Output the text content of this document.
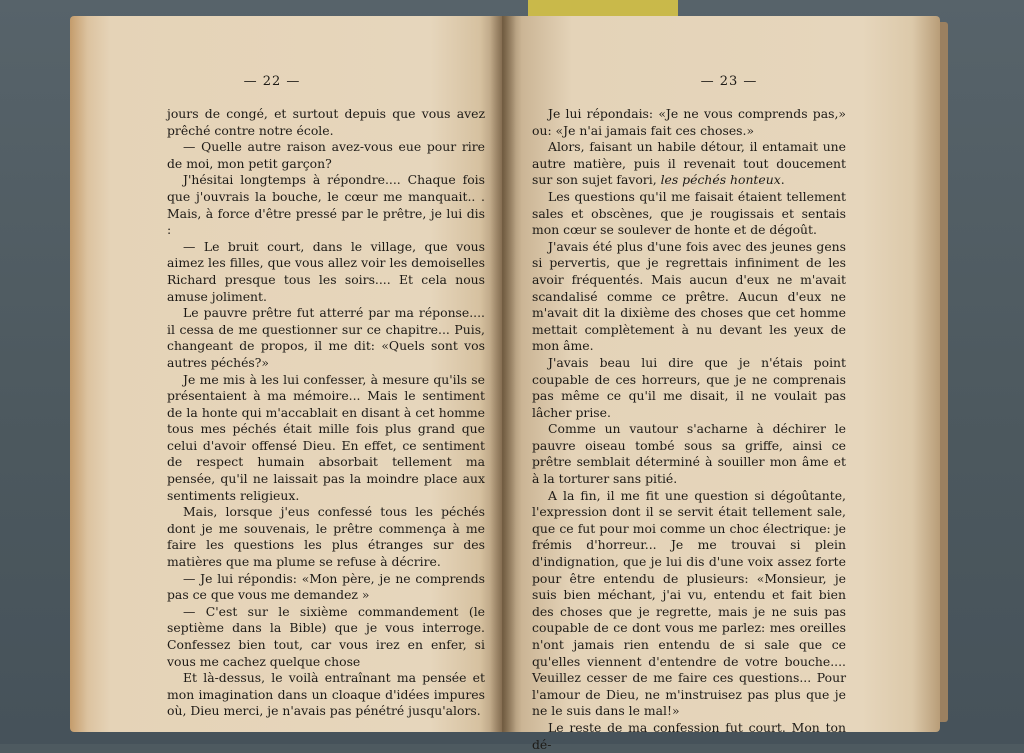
— 22 —

jours de congé, et surtout depuis que vous avez prêché contre notre école.

— Quelle autre raison avez-vous eue pour rire de moi, mon petit garçon?

J'hésitai longtemps à répondre.... Chaque fois que j'ouvrais la bouche, le cœur me manquait.. . Mais, à force d'être pressé par le prêtre, je lui dis :

— Le bruit court, dans le village, que vous aimez les filles, que vous allez voir les demoiselles Richard presque tous les soirs.... Et cela nous amuse joliment.

Le pauvre prêtre fut atterré par ma réponse.... il cessa de me questionner sur ce chapitre... Puis, changeant de propos, il me dit: «Quels sont vos autres péchés?»

Je me mis à les lui confesser, à mesure qu'ils se présentaient à ma mémoire... Mais le sentiment de la honte qui m'accablait en disant à cet homme tous mes péchés était mille fois plus grand que celui d'avoir offensé Dieu. En effet, ce sentiment de respect humain absorbait tellement ma pensée, qu'il ne laissait pas la moindre place aux sentiments religieux.

Mais, lorsque j'eus confessé tous les péchés dont je me souvenais, le prêtre commença à me faire les questions les plus étranges sur des matières que ma plume se refuse à décrire.

— Je lui répondis: «Mon père, je ne comprends pas ce que vous me demandez »

— C'est sur le sixième commandement (le septième dans la Bible) que je vous interroge. Confessez bien tout, car vous irez en enfer, si vous me cachez quelque chose

Et là-dessus, le voilà entraînant ma pensée et mon imagination dans un cloaque d'idées impures où, Dieu merci, je n'avais pas pénétré jusqu'alors.

— 23 —

Je lui répondais: «Je ne vous comprends pas,» ou: «Je n'ai jamais fait ces choses.»

Alors, faisant un habile détour, il entamait une autre matière, puis il revenait tout doucement sur son sujet favori, les péchés honteux.

Les questions qu'il me faisait étaient tellement sales et obscènes, que je rougissais et sentais mon cœur se soulever de honte et de dégoût.

J'avais été plus d'une fois avec des jeunes gens si pervertis, que je regrettais infiniment de les avoir fréquentés. Mais aucun d'eux ne m'avait scandalisé comme ce prêtre. Aucun d'eux ne m'avait dit la dixième des choses que cet homme mettait complètement à nu devant les yeux de mon âme.

J'avais beau lui dire que je n'étais point coupable de ces horreurs, que je ne comprenais pas même ce qu'il me disait, il ne voulait pas lâcher prise.

Comme un vautour s'acharne à déchirer le pauvre oiseau tombé sous sa griffe, ainsi ce prêtre semblait déterminé à souiller mon âme et à la torturer sans pitié.

A la fin, il me fit une question si dégoûtante, l'expression dont il se servit était tellement sale, que ce fut pour moi comme un choc électrique: je frémis d'horreur... Je me trouvai si plein d'indignation, que je lui dis d'une voix assez forte pour être entendu de plusieurs: «Monsieur, je suis bien méchant, j'ai vu, entendu et fait bien des choses que je regrette, mais je ne suis pas coupable de ce dont vous me parlez: mes oreilles n'ont jamais rien entendu de si sale que ce qu'elles viennent d'entendre de votre bouche.... Veuillez cesser de me faire ces questions... Pour l'amour de Dieu, ne m'instruisez pas plus que je ne le suis dans le mal!»

Le reste de ma confession fut court. Mon ton dé-
